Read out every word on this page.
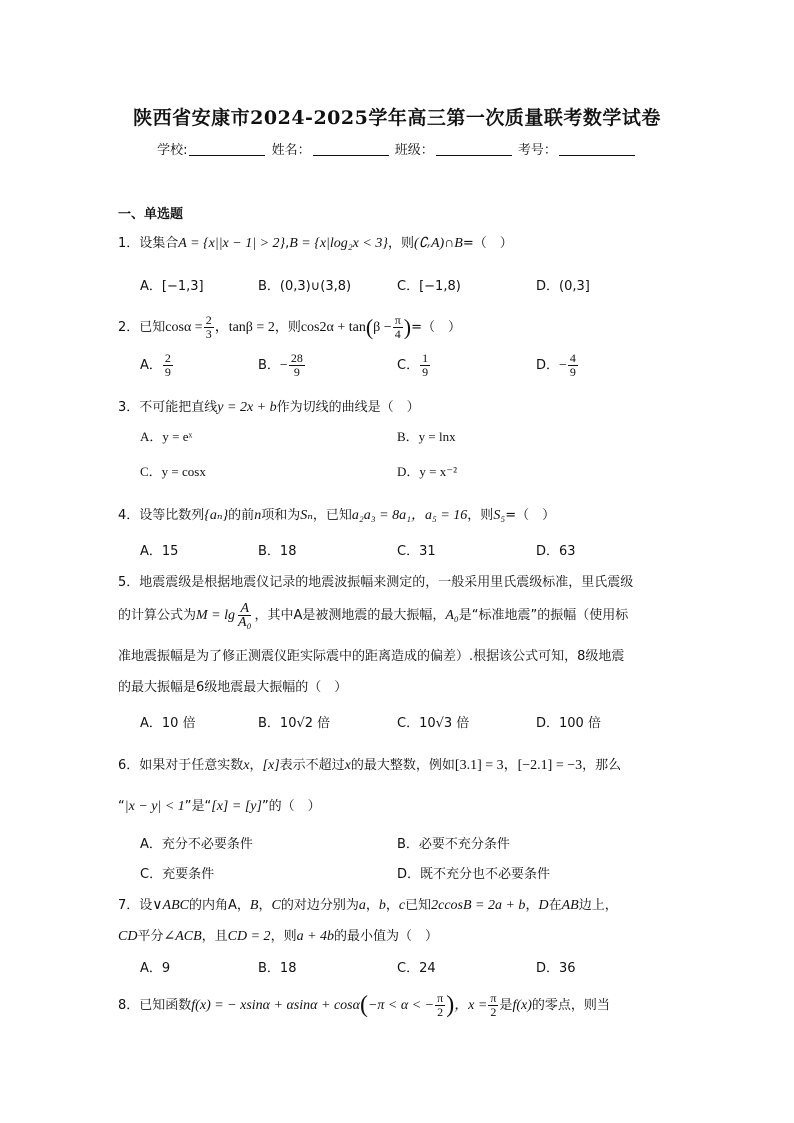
陕西省安康市2024-2025学年高三第一次质量联考数学试卷
学校:	姓名：	班级：	考号：
一、单选题
1．设集合A = {x||x − 1| > 2},B = {x|log₂x < 3}，则(∁ᵣA)∩B=（　）
A．[−1,3]	B．(0,3)∪(3,8)	C．[−1,8)	D．(0,3]
2．已知$\cos\alpha = \frac{2}{3}$ ，tanβ = 2，则$\cos 2\alpha + \tan(\beta - \frac{\pi}{4}$ )=（　）
A． $\frac{2}{9}$	B．− $\frac{28}{9}$	C． $\frac{1}{9}$	D．− $\frac{4}{9}$
3．不可能把直线y = 2x + b作为切线的曲线是（　）
A．y = eˣ	B．y = lnx
C．y = cosx	D．y = x⁻²
4．设等比数列{aₙ}的前n项和为Sₙ，已知a₂a₃ = 8a₁，a₅ = 16，则S₅=（　）
A．15	B．18	C．31	D．63
5．地震震级是根据地震仪记录的地震波振幅来测定的，一般采用里氏震级标准，里氏震级
的计算公式为$M = \lg \frac{A}{\text{A₀}}$ ，其中A是被测地震的最大振幅，A₀是“标准地震”的振幅（使用标
准地震振幅是为了修正测震仪距实际震中的距离造成的偏差）.根据该公式可知，8级地震
的最大振幅是6级地震最大振幅的（　）
A．10 倍	B．10√2 倍	C．10√3 倍	D．100 倍
6．如果对于任意实数x，[x]表示不超过x的最大整数，例如[3.1] = 3，[−2.1] = −3，那么
“|x − y| < 1”是“[x] = [y]”的（　）
A．充分不必要条件	B．必要不充分条件
C．充要条件	D．既不充分也不必要条件
7．设∨ABC的内角A，B，C的对边分别为a，b，c已知2ccosB = 2a + b，D在AB边上，
CD平分∠ACB，且CD = 2，则a + 4b的最小值为（　）
A．9	B．18	C．24	D．36
8．已知函数f(x) = − xsinα + αsinα + cosα(−π < α < − $\frac{\pi}{2}$ )，$x = \frac{\pi}{2}$ 是f(x)的零点，则当
